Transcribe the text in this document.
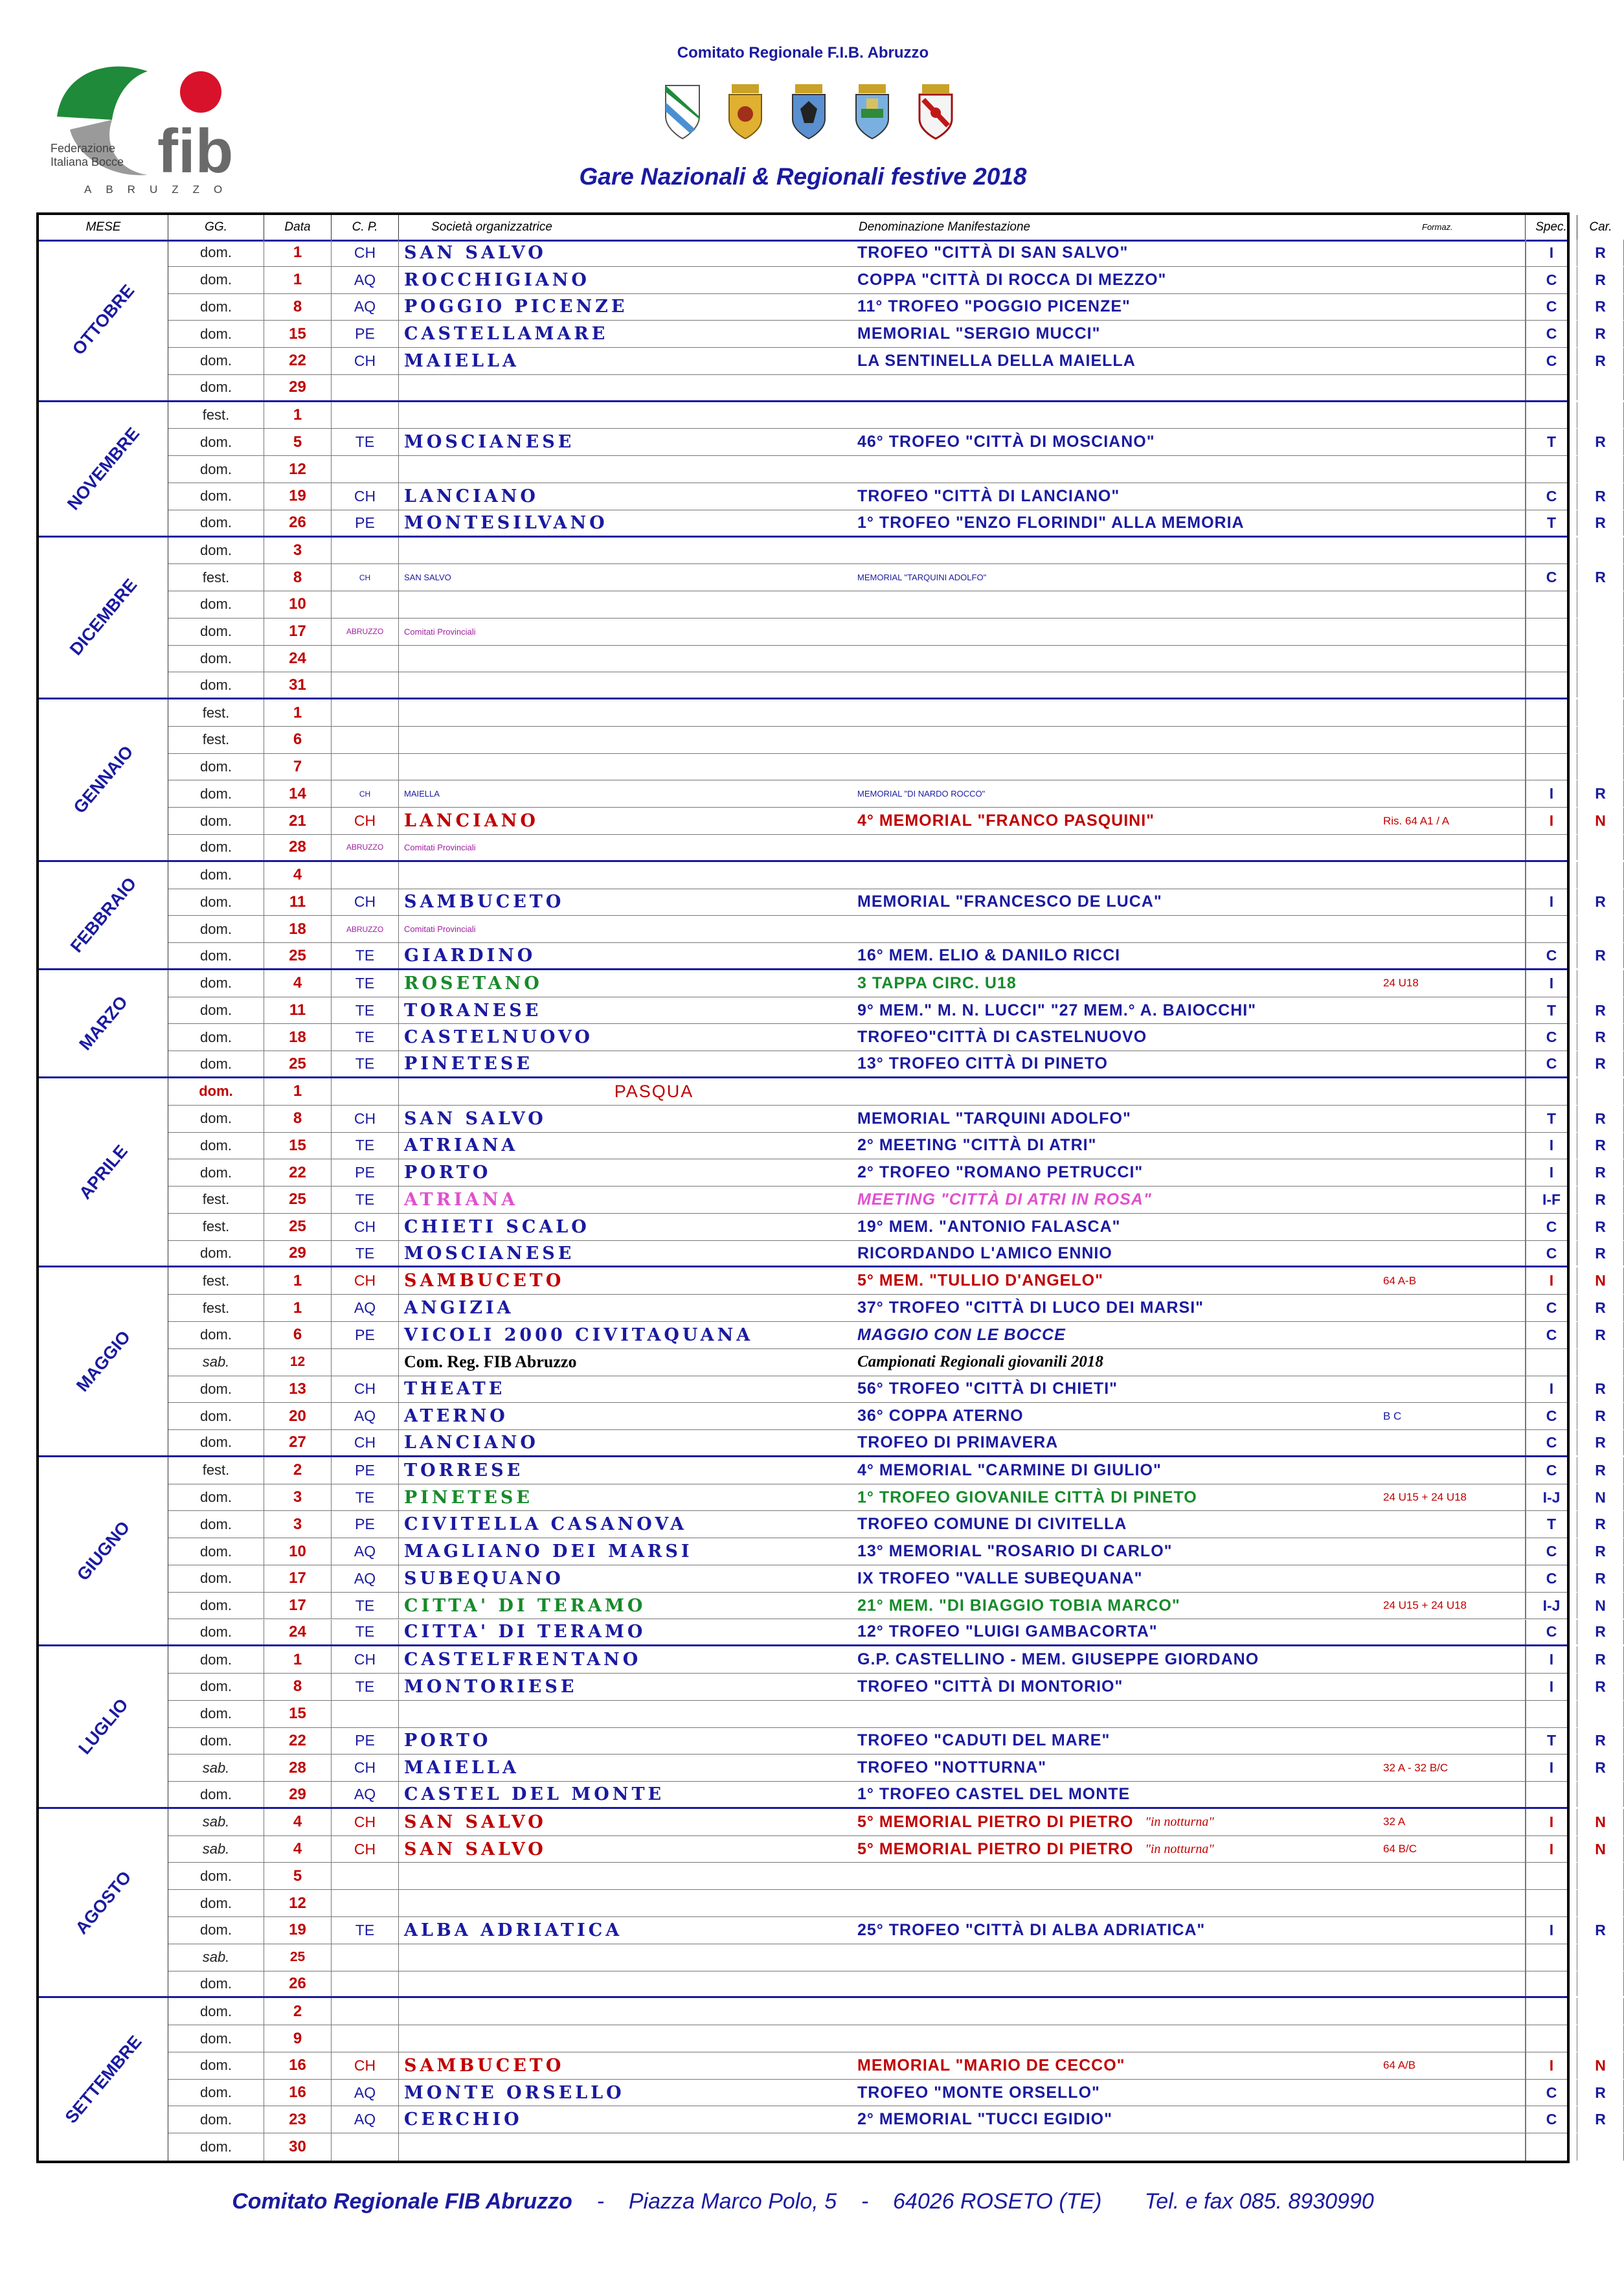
Federazione
Italiana Bocce fib
ABRUZZO
Comitato Regionale F.I.B. Abruzzo
Gare Nazionali & Regionali festive 2018
MESE	GG.	Data	C. P.	Società organizzatrice	Denominazione Manifestazione	Formaz.	Spec.	Car.
OTTOBRE
dom.	1	CH SAN SALVO	TROFEO "CITTÀ DI SAN SALVO"	I	R
dom.	1	AQ ROCCHIGIANO	COPPA "CITTÀ DI ROCCA DI MEZZO"	C	R
dom.	8	AQ POGGIO PICENZE	11° TROFEO "POGGIO PICENZE"	C	R
dom.	15	PE CASTELLAMARE	MEMORIAL "SERGIO MUCCI"	C	R
dom.	22	CH MAIELLA	LA SENTINELLA DELLA MAIELLA	C	R
dom.	29
NOVEMBRE
fest.	1
dom.	5	TE MOSCIANESE	46° TROFEO "CITTÀ DI MOSCIANO"	T	R
dom.	12
dom.	19	CH LANCIANO	TROFEO "CITTÀ DI LANCIANO"	C	R
dom.	26	PE MONTESILVANO	1° TROFEO "ENZO FLORINDI" ALLA MEMORIA	T	R
DICEMBRE
dom.	3
fest.	8	CH	SAN SALVO	MEMORIAL "TARQUINI ADOLFO"	C	R
dom.	10
dom.	17	ABRUZZO Comitati Provinciali
dom.	24
dom.	31
GENNAIO
fest.	1
fest.	6
dom.	7
dom.	14	CH	MAIELLA	MEMORIAL "DI NARDO ROCCO"	I	R
dom.	21	CH LANCIANO	4° MEMORIAL "FRANCO PASQUINI"	Ris. 64 A1 / A	I	N
dom.	28	ABRUZZO Comitati Provinciali
FEBBRAIO	dom.	4
dom.	11	CH SAMBUCETO	MEMORIAL "FRANCESCO DE LUCA"	I	R
dom.	18	ABRUZZO Comitati Provinciali
dom.	25	TE GIARDINO	16° MEM. ELIO & DANILO RICCI	C	R
MARZO
dom.	4	TE ROSETANO	3 TAPPA CIRC. U18	24 U18	I
dom.	11	TE TORANESE	9° MEM." M. N. LUCCI" "27 MEM.° A. BAIOCCHI"	T	R
dom.	18	TE CASTELNUOVO	TROFEO"CITTÀ DI CASTELNUOVO	C	R
dom.	25	TE PINETESE	13° TROFEO CITTÀ DI PINETO	C	R
APRILE
dom.	1	PASQUA
dom.	8	CH SAN SALVO	MEMORIAL "TARQUINI ADOLFO"	T	R
dom.	15	TE ATRIANA	2° MEETING "CITTÀ DI ATRI"	I	R
dom.	22	PE PORTO	2° TROFEO "ROMANO PETRUCCI"	I	R
fest.	25	TE ATRIANA	MEETING "CITTÀ DI ATRI IN ROSA"	I-F R
fest.	25	CH CHIETI SCALO	19° MEM. "ANTONIO FALASCA"	C	R
dom.	29	TE MOSCIANESE	RICORDANDO L'AMICO ENNIO	C	R
MAGGIO
fest.	1	CH SAMBUCETO	5° MEM. "TULLIO D'ANGELO"	64 A-B	I	N
fest.	1	AQ ANGIZIA	37° TROFEO "CITTÀ DI LUCO DEI MARSI"	C	R
dom.	6	PE VICOLI 2000 CIVITAQUANA	MAGGIO CON LE BOCCE	C	R
sab.	12	Com. Reg. FIB Abruzzo	Campionati Regionali giovanili 2018
dom.	13	CH THEATE	56° TROFEO "CITTÀ DI CHIETI"	I	R
dom.	20	AQ ATERNO	36° COPPA ATERNO	B C	C	R
dom.	27	CH LANCIANO	TROFEO DI PRIMAVERA	C	R
GIUGNO
fest.	2	PE TORRESE	4° MEMORIAL "CARMINE DI GIULIO"	C	R
dom.	3	TE PINETESE	1° TROFEO GIOVANILE CITTÀ DI PINETO	24 U15 + 24 U18	I-J N
dom.	3	PE CIVITELLA CASANOVA	TROFEO COMUNE DI CIVITELLA	T	R
dom.	10	AQ MAGLIANO DEI MARSI	13° MEMORIAL "ROSARIO DI CARLO"	C	R
dom.	17	AQ SUBEQUANO	IX TROFEO "VALLE SUBEQUANA"	C	R
dom.	17	TE CITTA' DI TERAMO	21° MEM. "DI BIAGGIO TOBIA MARCO"	24 U15 + 24 U18	I-J N
dom.	24	TE CITTA' DI TERAMO	12° TROFEO "LUIGI GAMBACORTA"	C	R
LUGLIO
dom.	1	CH CASTELFRENTANO	G.P. CASTELLINO - MEM. GIUSEPPE GIORDANO	I	R
dom.	8	TE MONTORIESE	TROFEO "CITTÀ DI MONTORIO"	I	R
dom.	15
dom.	22	PE PORTO	TROFEO "CADUTI DEL MARE"	T	R
sab.	28	CH MAIELLA	TROFEO "NOTTURNA"	32 A - 32 B/C	I	R
dom.	29	AQ CASTEL DEL MONTE	1° TROFEO CASTEL DEL MONTE
AGOSTO
sab.	4	CH SAN SALVO	5° MEMORIAL PIETRO DI PIETRO "in notturna"	32 A	I	N
sab.	4	CH SAN SALVO	5° MEMORIAL PIETRO DI PIETRO "in notturna"	64 B/C	I	N
dom.	5
dom.	12
dom.	19	TE ALBA ADRIATICA	25° TROFEO "CITTÀ DI ALBA ADRIATICA"	I	R
sab.	25
dom.	26
SETTEMBRE
dom.	2
dom.	9
dom.	16	CH SAMBUCETO	MEMORIAL "MARIO DE CECCO"	64 A/B	I	N
dom.	16	AQ MONTE ORSELLO	TROFEO "MONTE ORSELLO"	C	R
dom.	23	AQ CERCHIO	2° MEMORIAL "TUCCI EGIDIO"	C	R
dom.	30
Comitato Regionale FIB Abruzzo    -    Piazza Marco Polo, 5    -    64026 ROSETO (TE) Tel. e fax 085. 8930990
